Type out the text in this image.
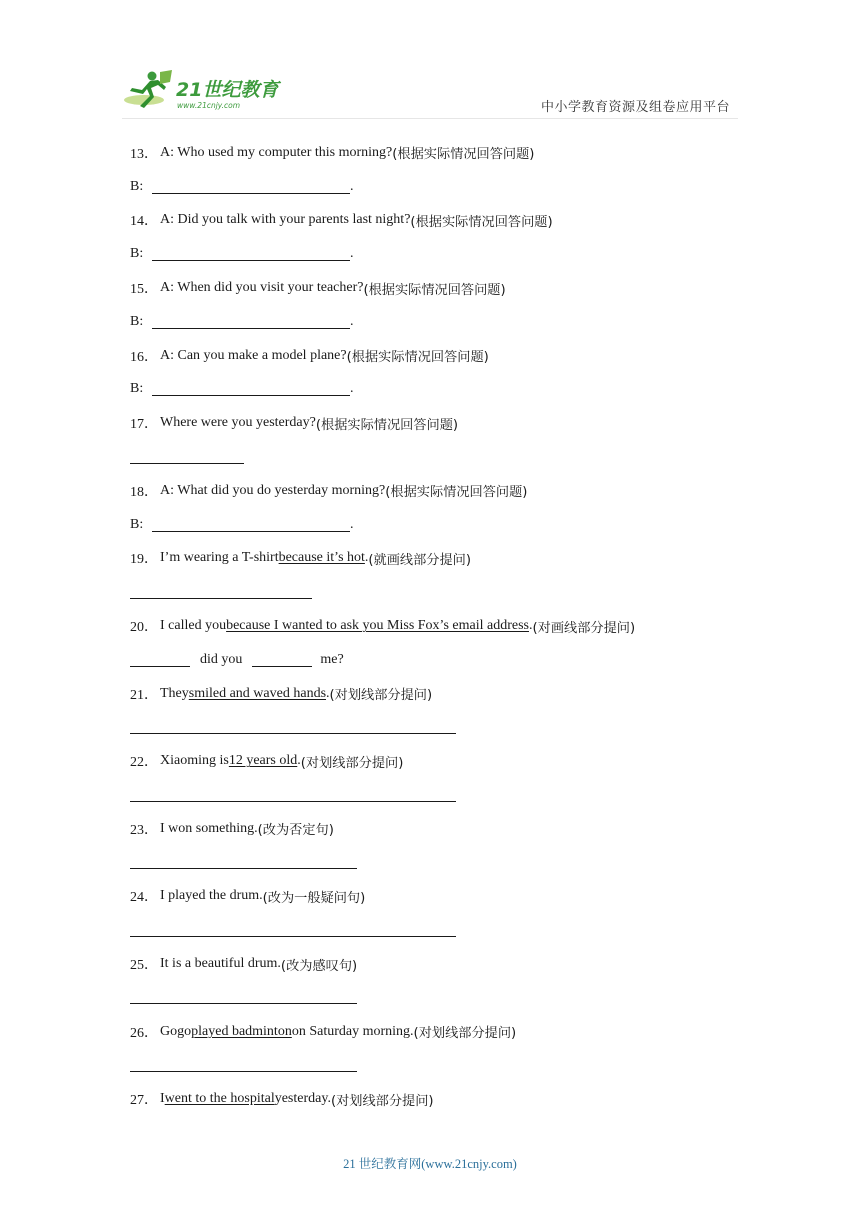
21世纪教育
www.21cnjy.com	中小学教育资源及组卷应用平台
13． A: Who used my computer this morning? (根据实际情况回答问题)
B:	.
14． A: Did you talk with your parents last night? (根据实际情况回答问题)
B:	.
15． A: When did you visit your teacher? (根据实际情况回答问题)
B:	.
16． A: Can you make a model plane? (根据实际情况回答问题)
B:	.
17． Where were you yesterday? (根据实际情况回答问题)
18． A: What did you do yesterday morning? (根据实际情况回答问题)
B:	.
19． I’m wearing a T-shirt because it’s hot . (就画线部分提问)
20． I called you because I wanted to ask you Miss Fox’s email address . (对画线部分提问)
did you	me?
21． They smiled and waved hands . (对划线部分提问)
22． Xiaoming is 12 years old . (对划线部分提问)
23． I won something. (改为否定句)
24． I played the drum. (改为一般疑问句)
25． It is a beautiful drum. (改为感叹句)
26． Gogo played badminton on Saturday morning. (对划线部分提问)
27． I went to the hospital yesterday. (对划线部分提问)
21 世纪教育网(www.21cnjy.com)
